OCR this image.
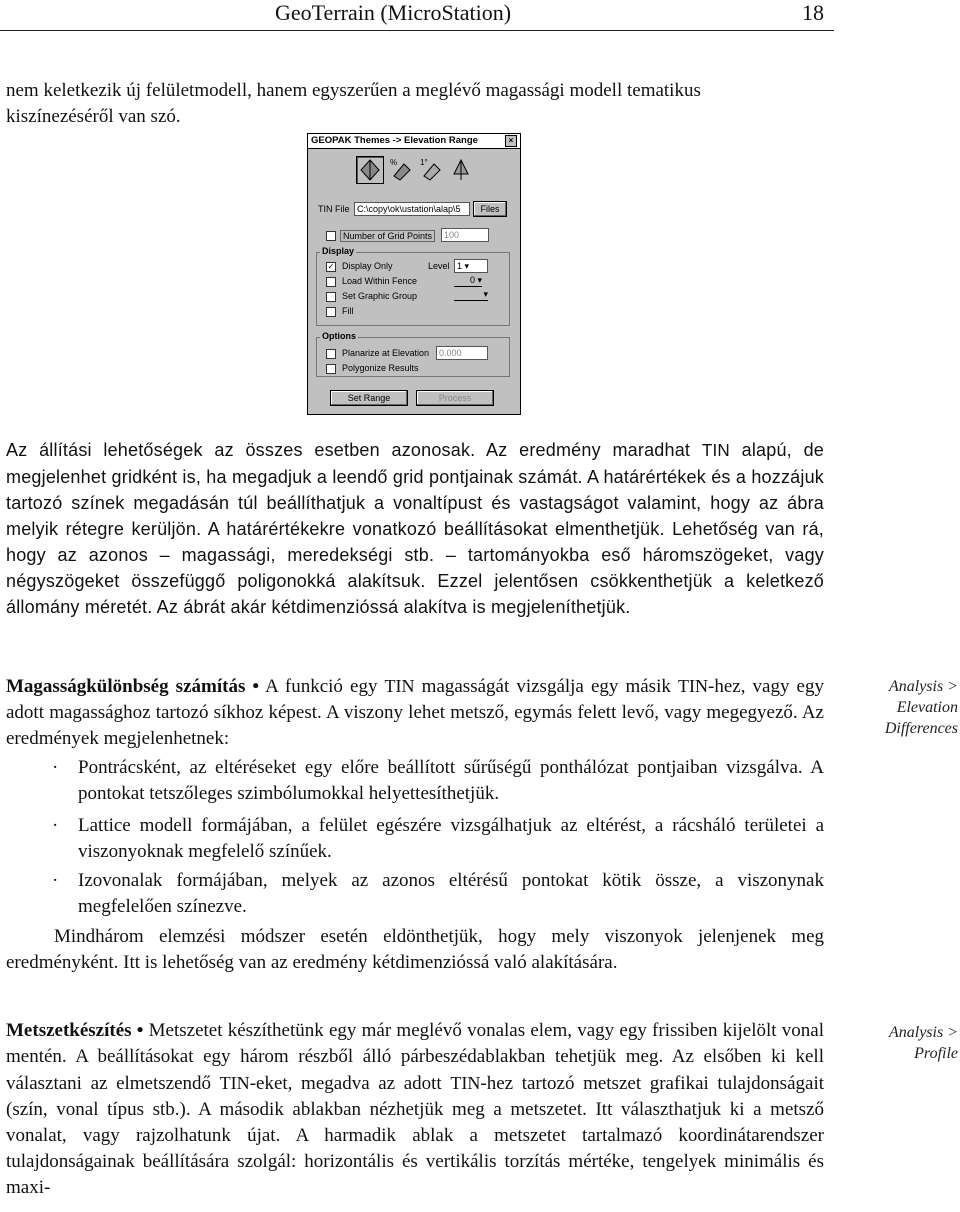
GeoTerrain (MicroStation)	18

nem keletkezik új felületmodell, hanem egyszerűen a meglévő magassági modell tematikus kiszínezéséről van szó.

GEOPAK Themes -> Elevation Range	×
%	1°
TIN File C:\copy\ok\ustation\alap\5	Files
Number of Grid Points	100
Display
✓ Display Only	Level 1 ▾
Load Within Fence	0 ▾
Set Graphic Group	▾
Fill
Options
Planarize at Elevation	0.000
Polygonize Results
Set Range	Process

Az állítási lehetőségek az összes esetben azonosak. Az eredmény maradhat TIN alapú, de megjelenhet gridként is, ha megadjuk a leendő grid pontjainak számát. A határértékek és a hozzájuk tartozó színek megadásán túl beállíthatjuk a vonaltípust és vastagságot valamint, hogy az ábra melyik rétegre kerüljön. A határértékekre vonatkozó beállításokat elmenthetjük. Lehetőség van rá, hogy az azonos – magassági, meredekségi stb. – tartományokba eső háromszögeket, vagy négyszögeket összefüggő poligonokká alakítsuk. Ezzel jelentősen csökkenthetjük a keletkező állomány méretét. Az ábrát akár kétdimenzióssá alakítva is megjeleníthetjük.

Analysis > Elevation Differences

Magasságkülönbség számítás • A funkció egy TIN magasságát vizsgálja egy másik TIN-hez, vagy egy adott magassághoz tartozó síkhoz képest. A viszony lehet metsző, egymás felett levő, vagy megegyező. Az eredmények megjelenhetnek:

· Pontrácsként, az eltéréseket egy előre beállított sűrűségű ponthálózat pontjaiban vizsgálva. A pontokat tetszőleges szimbólumokkal helyettesíthetjük.
· Lattice modell formájában, a felület egészére vizsgálhatjuk az eltérést, a rácsháló területei a viszonyoknak megfelelő színűek.
· Izovonalak formájában, melyek az azonos eltérésű pontokat kötik össze, a viszonynak megfelelően színezve.

Mindhárom elemzési módszer esetén eldönthetjük, hogy mely viszonyok jelenjenek meg eredményként. Itt is lehetőség van az eredmény kétdimenzióssá való alakítására.

Analysis > Profile

Metszetkészítés • Metszetet készíthetünk egy már meglévő vonalas elem, vagy egy frissiben kijelölt vonal mentén. A beállításokat egy három részből álló párbeszédablakban tehetjük meg. Az elsőben ki kell választani az elmetszendő TIN-eket, megadva az adott TIN-hez tartozó metszet grafikai tulajdonságait (szín, vonal típus stb.). A második ablakban nézhetjük meg a metszetet. Itt választhatjuk ki a metsző vonalat, vagy rajzolhatunk újat. A harmadik ablak a metszetet tartalmazó koordinátarendszer tulajdonságainak beállítására szolgál: horizontális és vertikális torzítás mértéke, tengelyek minimális és maxi-
